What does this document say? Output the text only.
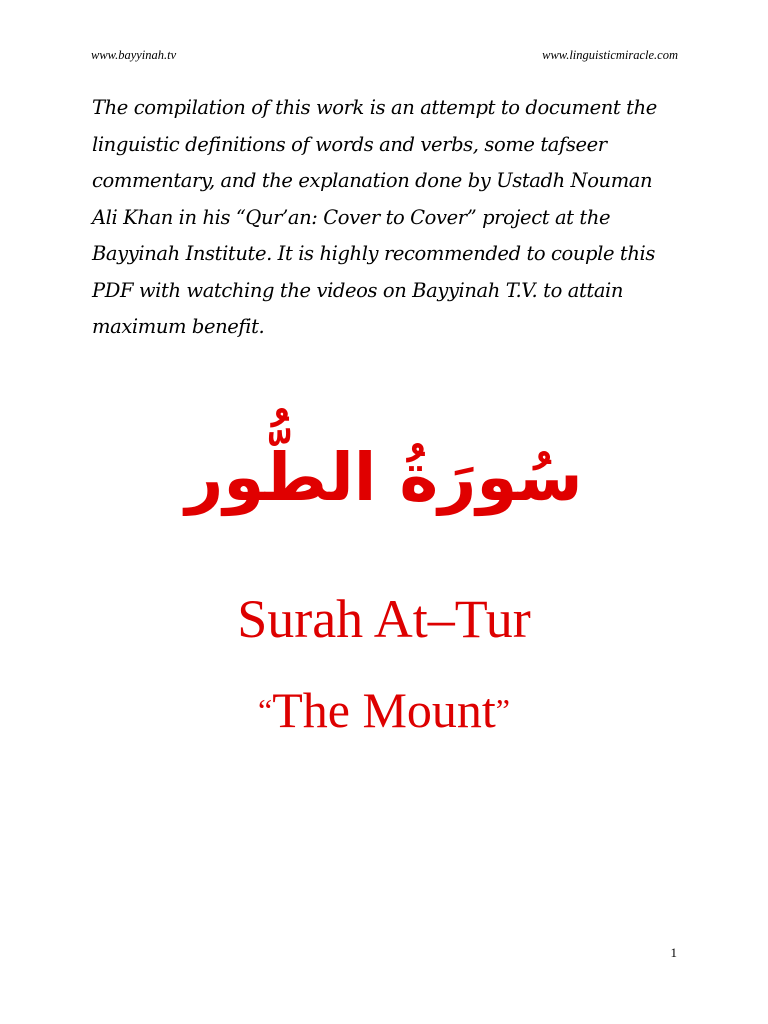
www.bayyinah.tv	www.linguisticmiracle.com

The compilation of this work is an attempt to document the
linguistic definitions of words and verbs, some tafseer
commentary, and the explanation done by Ustadh Nouman
Ali Khan in his “Qur’an: Cover to Cover” project at the
Bayyinah Institute. It is highly recommended to couple this
PDF with watching the videos on Bayyinah T.V. to attain
maximum benefit.

سُورَةُ الطُّور
Surah At–Tur
“The Mount”
1
